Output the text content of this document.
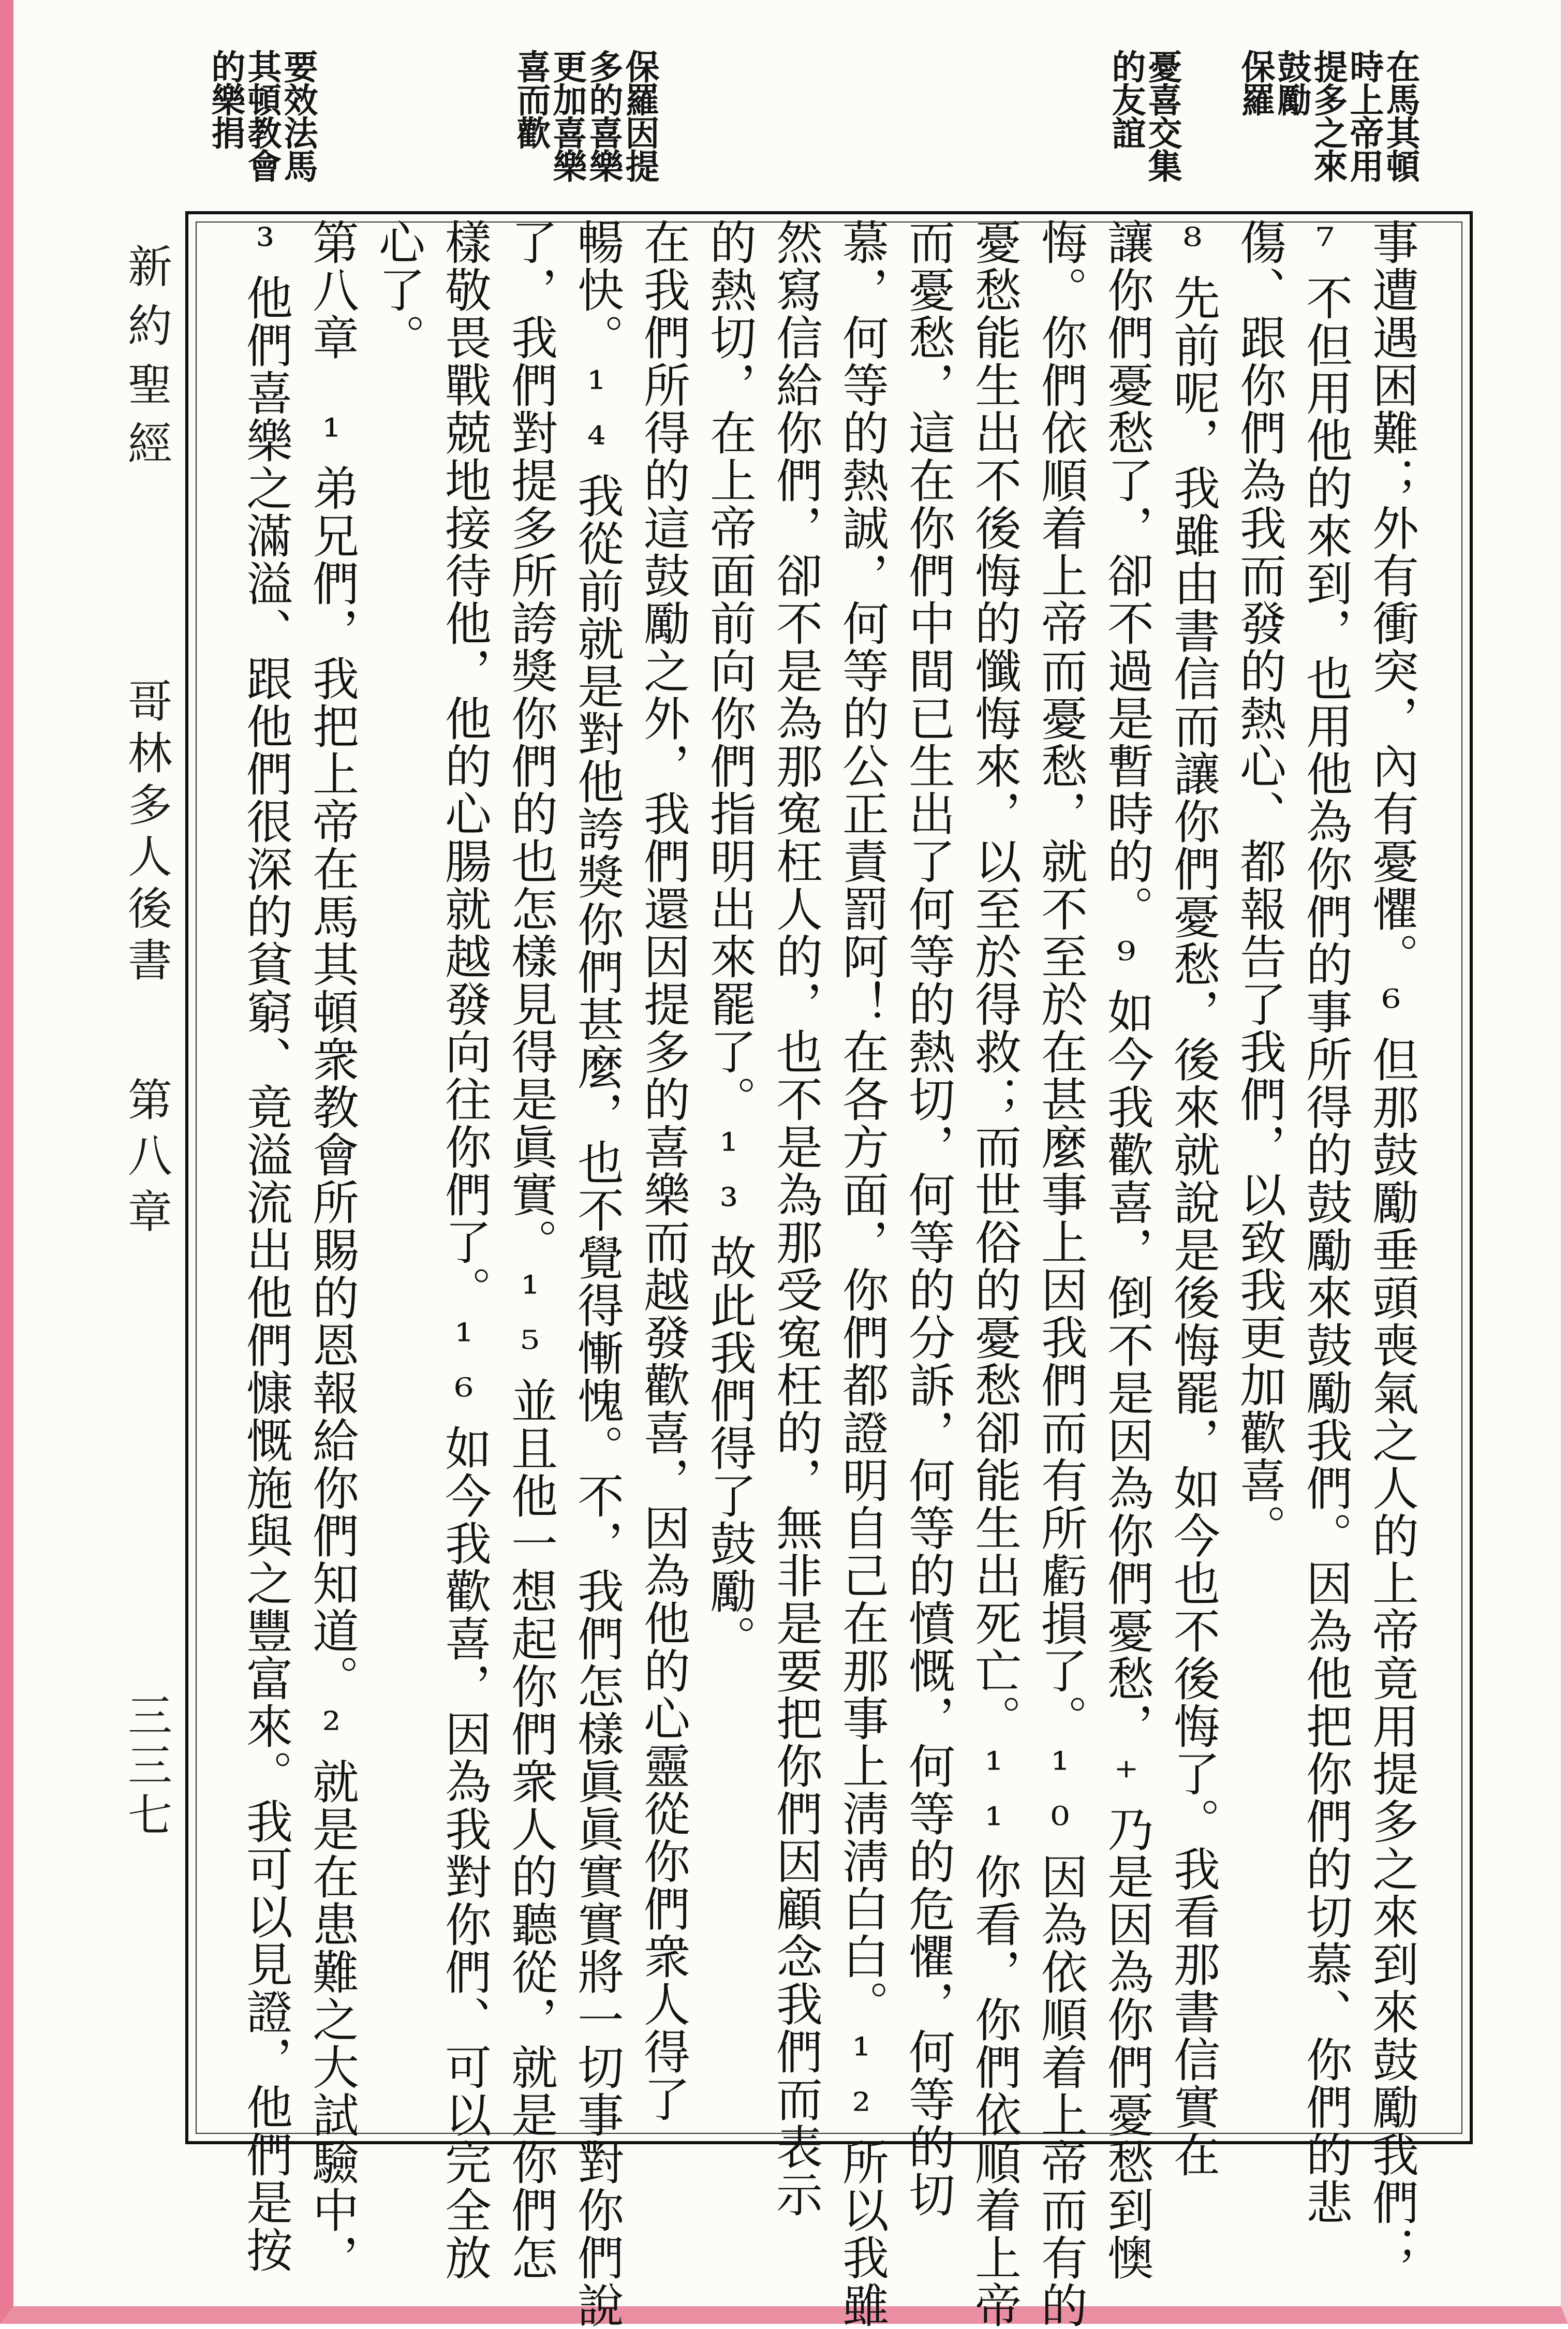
在馬其頓
時上帝用
提多之來
鼓勵
保羅
憂喜交集
的友誼
保羅因提
多的喜樂
更加喜樂
喜而歡
要效法馬
其頓教會
的樂捐
事遭遇困難；外有衝突，內有憂懼。⁶但那鼓勵垂頭喪氣之人的上帝竟用提多之來到來鼓勵我們；
⁷不但用他的來到，也用他為你們的事所得的鼓勵來鼓勵我們。因為他把你們的切慕、你們的悲
傷、跟你們為我而發的熱心、都報告了我們，以致我更加歡喜。
⁸先前呢，我雖由書信而讓你們憂愁，後來就說是後悔罷，如今也不後悔了。我看那書信實在
讓你們憂愁了，卻不過是暫時的。⁹如今我歡喜，倒不是因為你們憂愁，⁺乃是因為你們憂愁到懊
悔。你們依順着上帝而憂愁，就不至於在甚麼事上因我們而有所虧損了。¹⁰因為依順着上帝而有的
憂愁能生出不後悔的懺悔來，以至於得救；而世俗的憂愁卻能生出死亡。¹¹你看，你們依順着上帝
而憂愁，這在你們中間已生出了何等的熱切，何等的分訴，何等的憤慨，何等的危懼，何等的切
慕，何等的熱誠，何等的公正責罰阿！在各方面，你們都證明自己在那事上淸淸白白。¹²所以我雖
然寫信給你們，卻不是為那寃枉人的，也不是為那受寃枉的，無非是要把你們因顧念我們而表示
的熱切，在上帝面前向你們指明出來罷了。¹³故此我們得了鼓勵。
在我們所得的這鼓勵之外，我們還因提多的喜樂而越發歡喜，因為他的心靈從你們衆人得了
暢快。¹⁴我從前就是對他誇獎你們甚麼，也不覺得慚愧。不，我們怎樣眞眞實實將一切事對你們說
了，我們對提多所誇獎你們的也怎樣見得是眞實。¹⁵並且他一想起你們衆人的聽從，就是你們怎
樣敬畏戰兢地接待他，他的心腸就越發向往你們了。¹⁶如今我歡喜，因為我對你們、可以完全放
心了。
第八章　¹弟兄們，我把上帝在馬其頓衆教會所賜的恩報給你們知道。²就是在患難之大試驗中，
³他們喜樂之滿溢、跟他們很深的貧窮、竟溢流出他們慷慨施與之豐富來。我可以見證，他們是按
新約聖經
哥林多人後書
第八章
三三七
